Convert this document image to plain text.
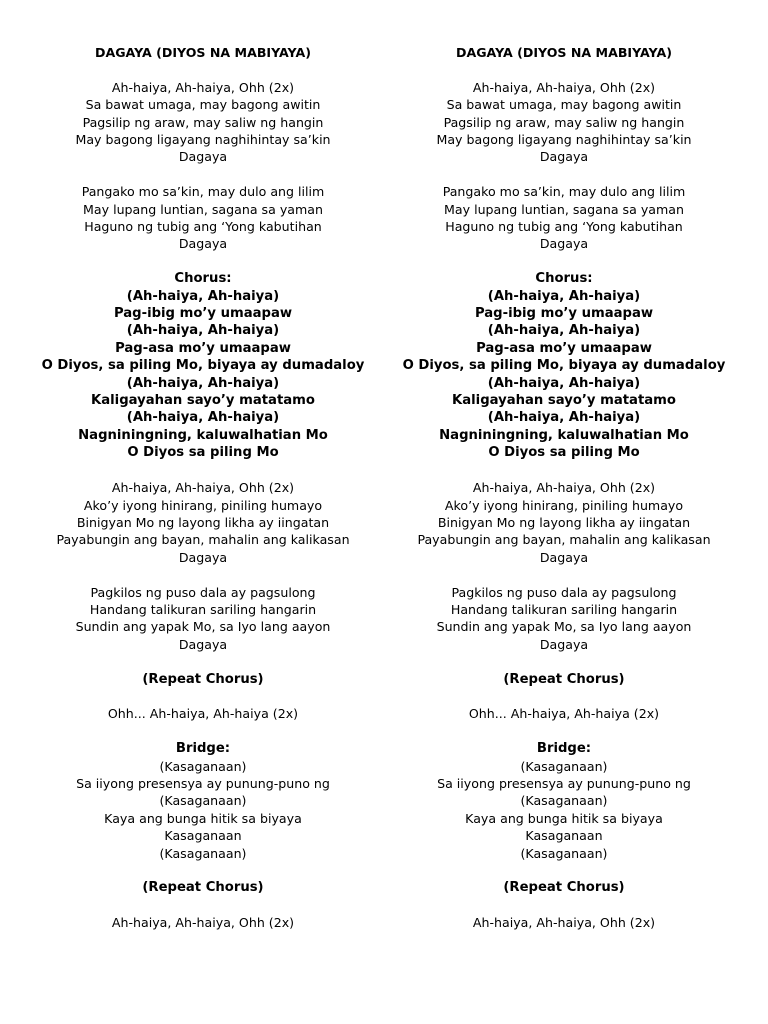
DAGAYA (DIYOS NA MABIYAYA)
Ah-haiya, Ah-haiya, Ohh (2x)
Sa bawat umaga, may bagong awitin
Pagsilip ng araw, may saliw ng hangin
May bagong ligayang naghihintay sa’kin
Dagaya
Pangako mo sa’kin, may dulo ang lilim
May lupang luntian, sagana sa yaman
Haguno ng tubig ang ‘Yong kabutihan
Dagaya
Chorus:
(Ah-haiya, Ah-haiya)
Pag-ibig mo’y umaapaw
(Ah-haiya, Ah-haiya)
Pag-asa mo’y umaapaw
O Diyos, sa piling Mo, biyaya ay dumadaloy
(Ah-haiya, Ah-haiya)
Kaligayahan sayo’y matatamo
(Ah-haiya, Ah-haiya)
Nagniningning, kaluwalhatian Mo
O Diyos sa piling Mo
Ah-haiya, Ah-haiya, Ohh (2x)
Ako’y iyong hinirang, piniling humayo
Binigyan Mo ng layong likha ay iingatan
Payabungin ang bayan, mahalin ang kalikasan
Dagaya
Pagkilos ng puso dala ay pagsulong
Handang talikuran sariling hangarin
Sundin ang yapak Mo, sa Iyo lang aayon
Dagaya
(Repeat Chorus)
Ohh... Ah-haiya, Ah-haiya (2x)
Bridge:
(Kasaganaan)
Sa iiyong presensya ay punung-puno ng
(Kasaganaan)
Kaya ang bunga hitik sa biyaya
Kasaganaan
(Kasaganaan)
(Repeat Chorus)
Ah-haiya, Ah-haiya, Ohh (2x)
DAGAYA (DIYOS NA MABIYAYA)
Ah-haiya, Ah-haiya, Ohh (2x)
Sa bawat umaga, may bagong awitin
Pagsilip ng araw, may saliw ng hangin
May bagong ligayang naghihintay sa’kin
Dagaya
Pangako mo sa’kin, may dulo ang lilim
May lupang luntian, sagana sa yaman
Haguno ng tubig ang ‘Yong kabutihan
Dagaya
Chorus:
(Ah-haiya, Ah-haiya)
Pag-ibig mo’y umaapaw
(Ah-haiya, Ah-haiya)
Pag-asa mo’y umaapaw
O Diyos, sa piling Mo, biyaya ay dumadaloy
(Ah-haiya, Ah-haiya)
Kaligayahan sayo’y matatamo
(Ah-haiya, Ah-haiya)
Nagniningning, kaluwalhatian Mo
O Diyos sa piling Mo
Ah-haiya, Ah-haiya, Ohh (2x)
Ako’y iyong hinirang, piniling humayo
Binigyan Mo ng layong likha ay iingatan
Payabungin ang bayan, mahalin ang kalikasan
Dagaya
Pagkilos ng puso dala ay pagsulong
Handang talikuran sariling hangarin
Sundin ang yapak Mo, sa Iyo lang aayon
Dagaya
(Repeat Chorus)
Ohh... Ah-haiya, Ah-haiya (2x)
Bridge:
(Kasaganaan)
Sa iiyong presensya ay punung-puno ng
(Kasaganaan)
Kaya ang bunga hitik sa biyaya
Kasaganaan
(Kasaganaan)
(Repeat Chorus)
Ah-haiya, Ah-haiya, Ohh (2x)
